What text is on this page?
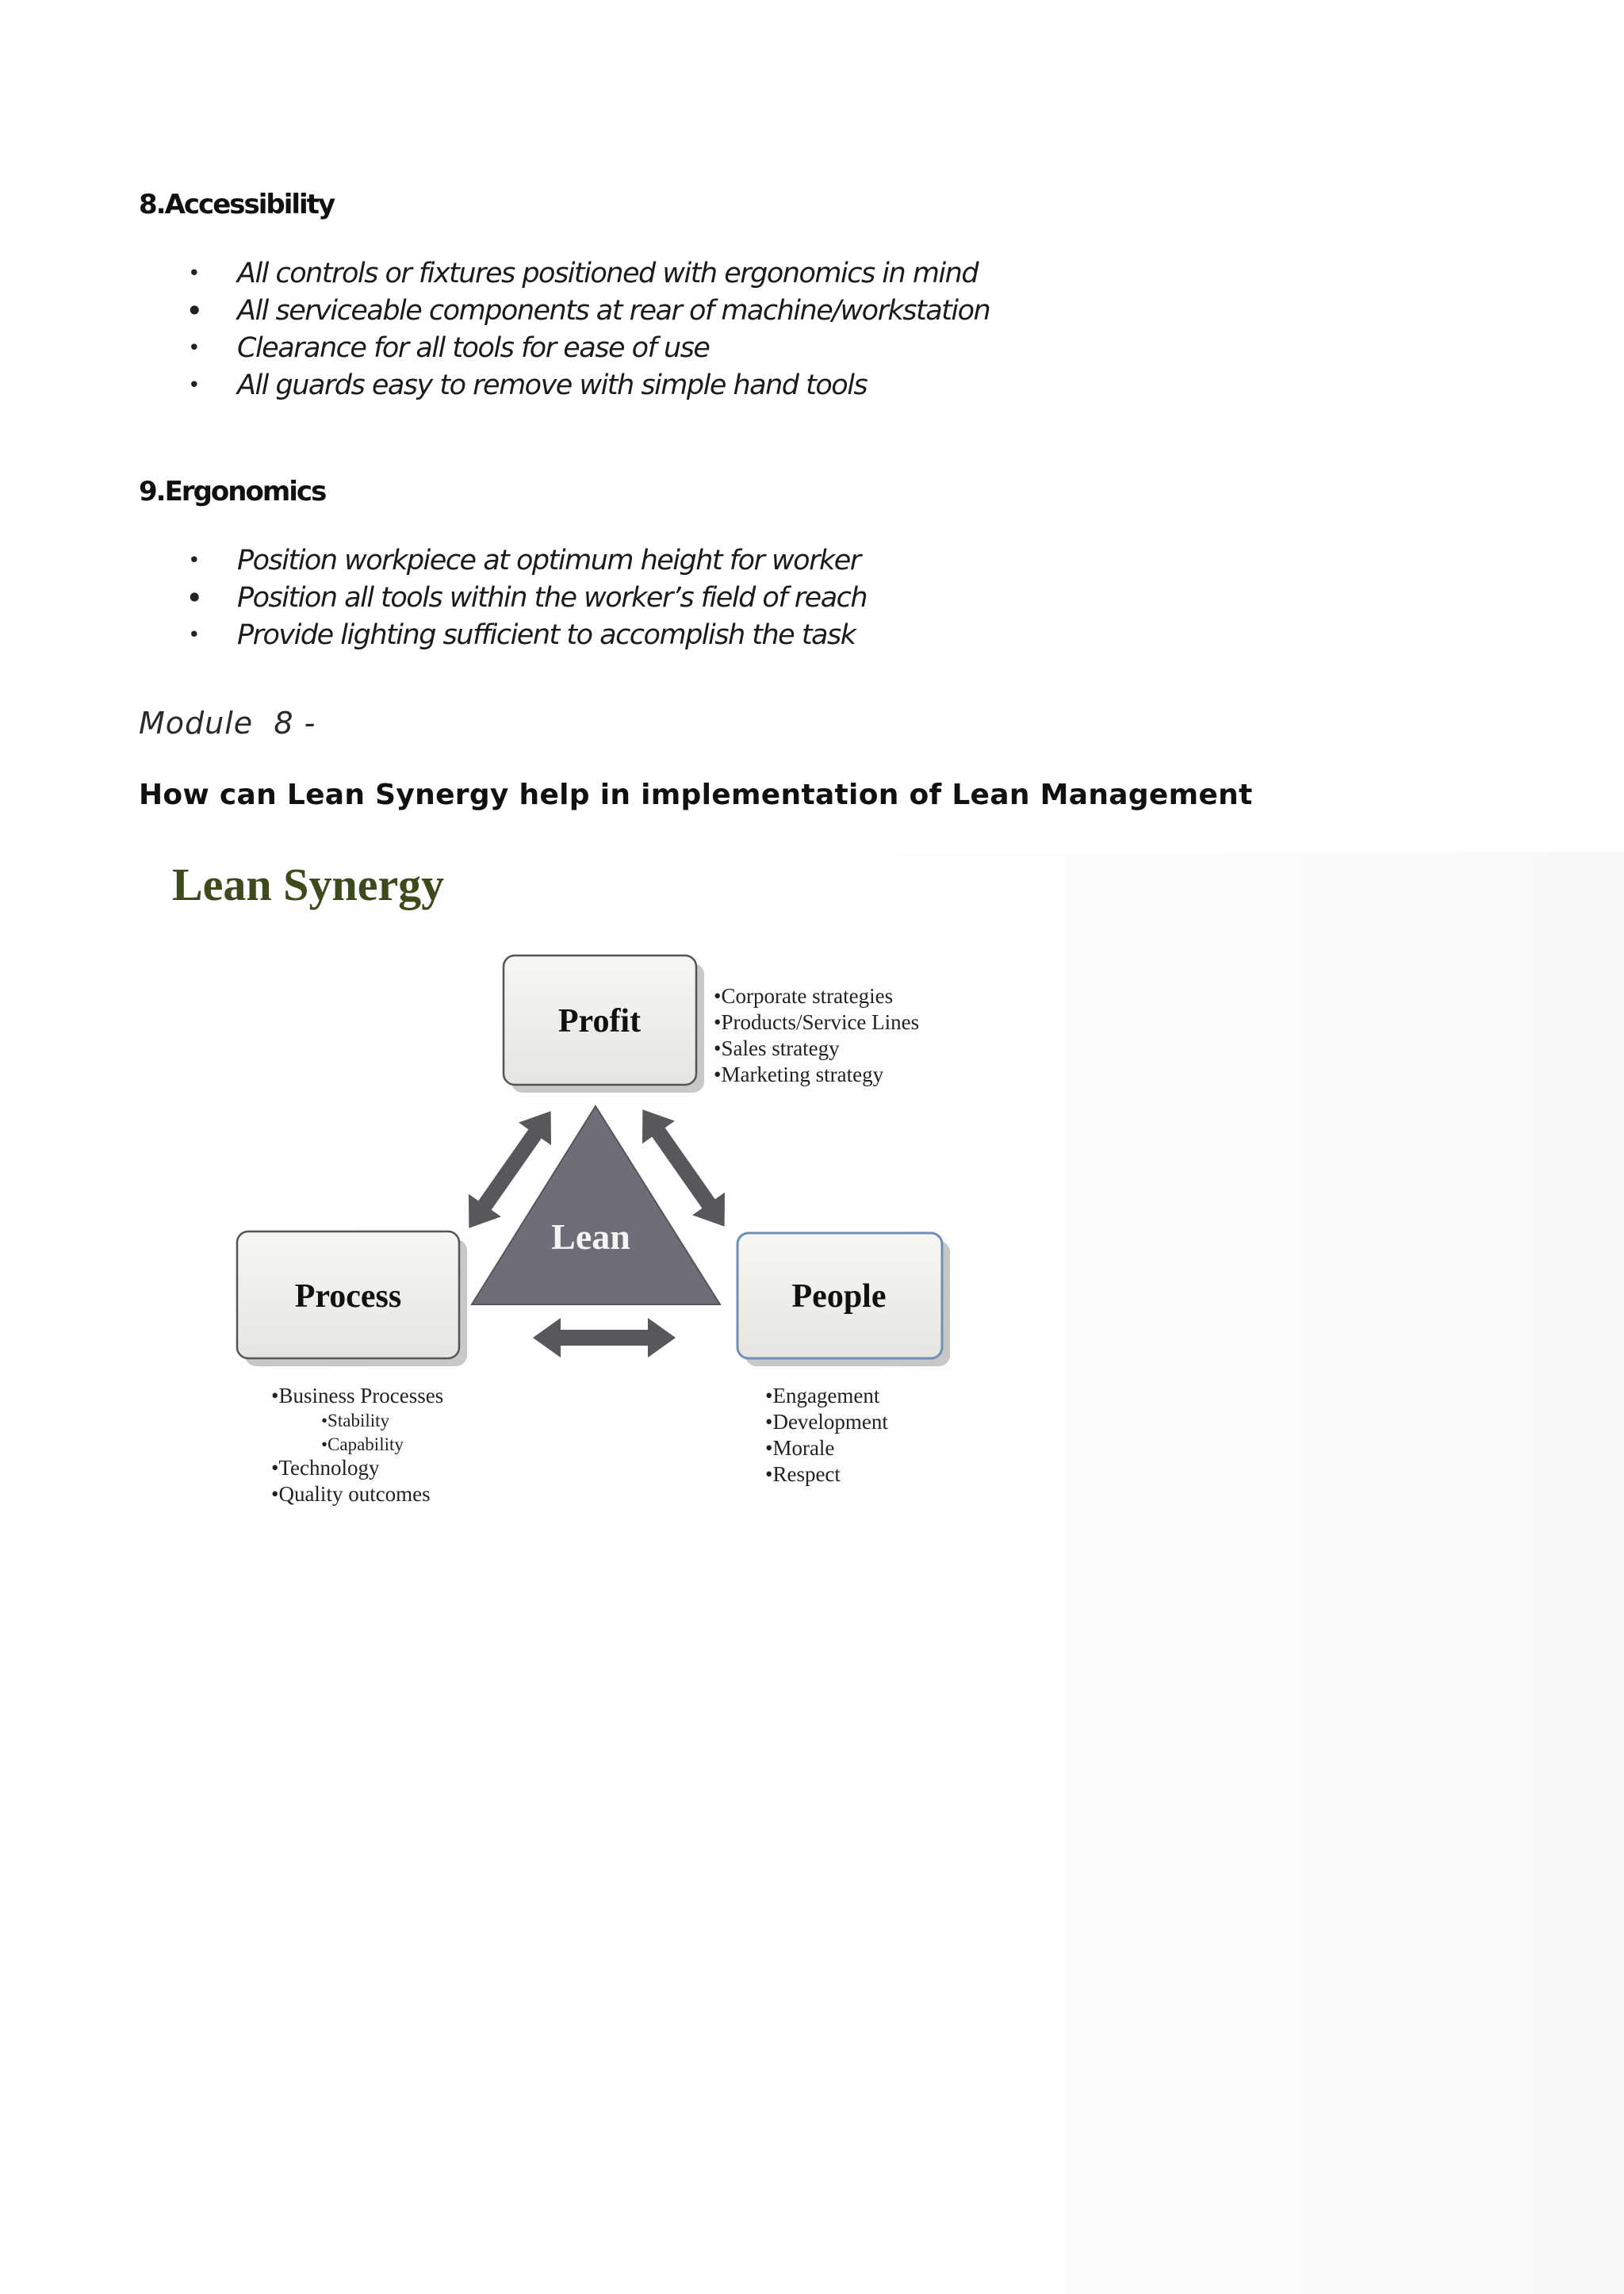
8.Accessibility
• All controls or fixtures positioned with ergonomics in mind
• All serviceable components at rear of machine/workstation
• Clearance for all tools for ease of use
• All guards easy to remove with simple hand tools
9.Ergonomics
• Position workpiece at optimum height for worker
• Position all tools within the worker’s field of reach
• Provide lighting sufficient to accomplish the task

Module  8 -

How can Lean Synergy help in implementation of Lean Management

Lean Synergy
Profit
•Corporate strategies
•Products/Service Lines
•Sales strategy
•Marketing strategy
Lean
Process
•Business Processes
•Stability
•Capability
•Technology
•Quality outcomes
People
•Engagement
•Development
•Morale
•Respect
